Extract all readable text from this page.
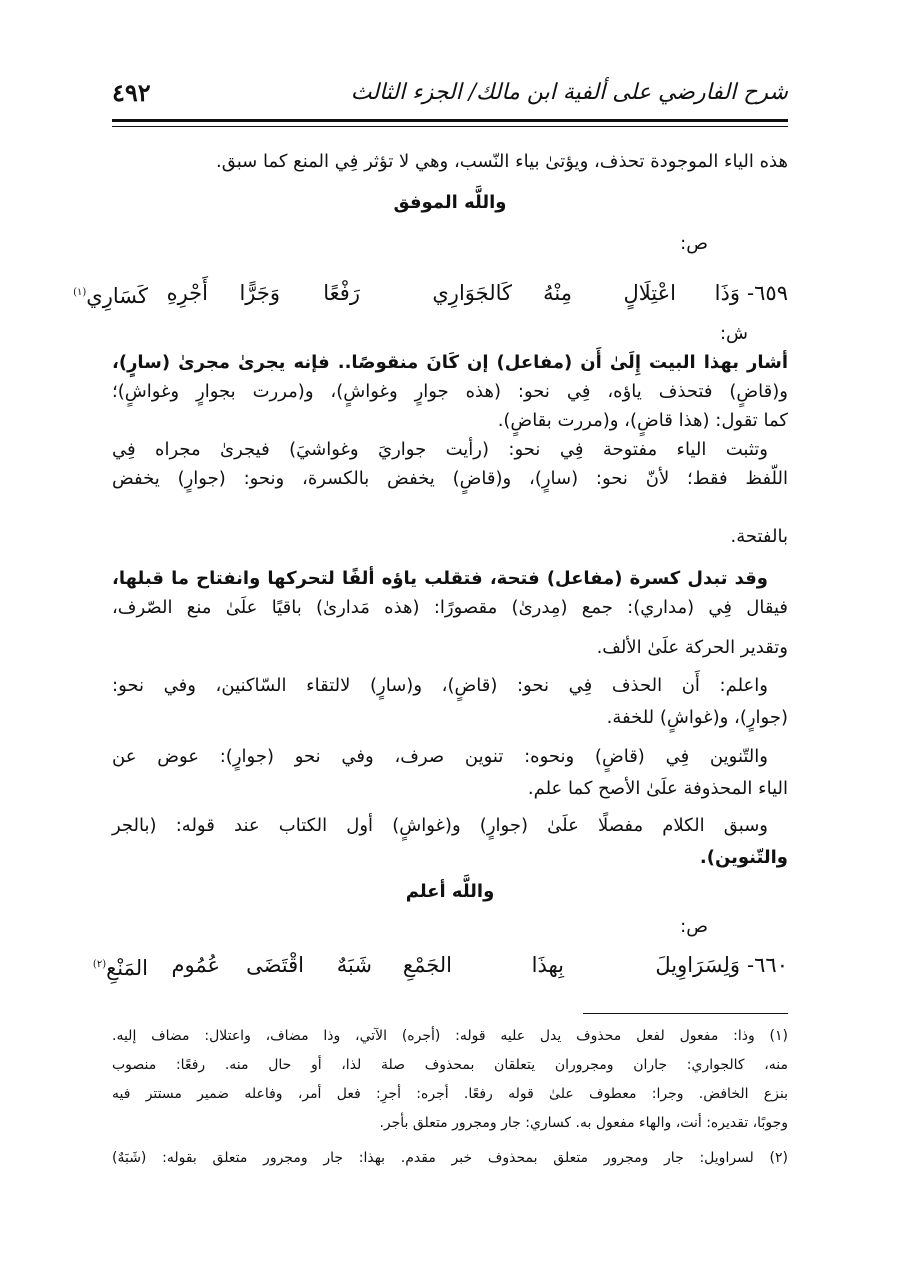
شرح الفارضي على ألفية ابن مالك/ الجزء الثالث
٤٩٢
هذه الياء الموجودة تحذف، ويؤتىٰ بياء النّسب، وهي لا تؤثر فِي المنع كما سبق.
واللَّه الموفق
ص:
٦٥٩-
وَذَا
اعْتِلَالٍ
مِنْهُ
كَالجَوَارِي
رَفْعًا
وَجَرًّا
أَجْرِهِ
كَسَارِي$^{(١)}$
ش:
أشار بهذا البيت إِلَىٰ أَن (مفاعل) إن كَانَ منقوصًا.. فإنه يجرىٰ مجرىٰ (سارٍ)،
و(قاضٍ) فتحذف ياؤه، فِي نحو: (هذه جوارٍ وغواشٍ)، و(مررت بجوارٍ وغواشٍ)؛
كما تقول: (هذا قاضٍ)، و(مررت بقاضٍ).
وتثبت الياء مفتوحة فِي نحو: (رأيت جواريَ وغواشيَ) فيجرىٰ مجراه فِي
اللّفظ فقط؛ لأنّ نحو: (سارٍ)، و(قاضٍ) يخفض بالكسرة، ونحو: (جوارٍ) يخفض
بالفتحة.
وقد تبدل كسرة (مفاعل) فتحة، فتقلب ياؤه ألفًا لتحركها وانفتاح ما قبلها،
فيقال فِي (مداري): جمع (مِدرىٰ) مقصورًا: (هذه مَدارىٰ) باقيًا علَىٰ منع الصّرف،
وتقدير الحركة علَىٰ الألف.
واعلم: أَن الحذف فِي نحو: (قاضٍ)، و(سارٍ) لالتقاء السّاكنين، وفي نحو:
(جوارٍ)، و(غواشٍ) للخفة.
والتّنوين فِي (قاضٍ) ونحوه: تنوين صرف، وفي نحو (جوارٍ): عوض عن
الياء المحذوفة علَىٰ الأصح كما علم.
وسبق الكلام مفصلًا علَىٰ (جوارٍ) و(غواشٍ) أول الكتاب عند قوله: (بالجر
والتّنوين).
واللَّه أعلم
ص:
٦٦٠-
وَلِسَرَاوِيلَ
بِهذَا
الجَمْعِ
شَبَهٌ
اقْتَضَى
عُمُوم
المَنْعِ$^{(٢)}$
(١) وذا: مفعول لفعل محذوف يدل عليه قوله: (أجره) الآتي، وذا مضاف، واعتلال: مضاف إليه.
منه، كالجواري: جاران ومجروران يتعلقان بمحذوف صلة لذا، أو حال منه. رفعًا: منصوب
بنزع الخافض. وجرا: معطوف علىٰ قوله رفعًا. أجره: أجرِ: فعل أمر، وفاعله ضمير مستتر فيه
وجوبًا، تقديره: أنت، والهاء مفعول به. كساري: جار ومجرور متعلق بأجر.
(٢) لسراويل: جار ومجرور متعلق بمحذوف خبر مقدم. بهذا: جار ومجرور متعلق بقوله: (شَبَهٌ)
